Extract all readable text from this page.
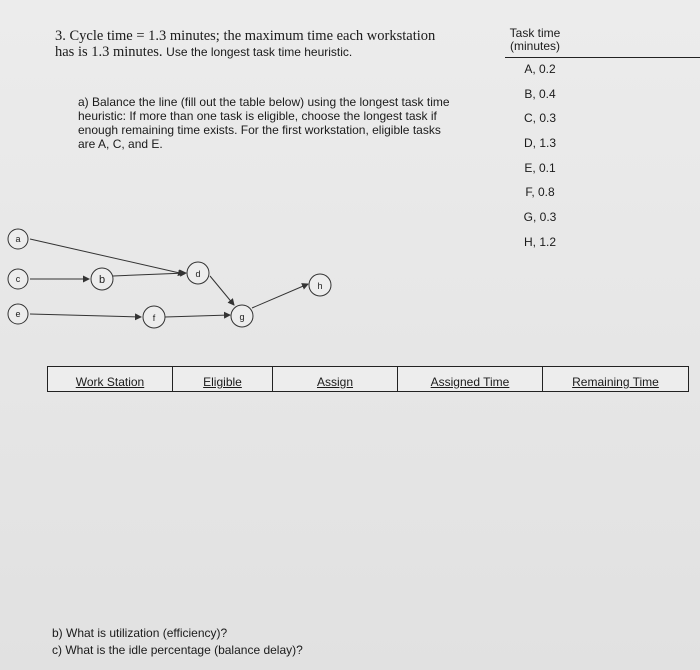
3. Cycle time = 1.3 minutes; the maximum time each workstation has is 1.3 minutes. Use the longest task time heuristic.
a) Balance the line (fill out the table below) using the longest task time heuristic: If more than one task is eligible, choose the longest task if enough remaining time exists. For the first workstation, eligible tasks are A, C, and E.
Task time
(minutes)
A, 0.2
B, 0.4
C, 0.3
D, 1.3
E, 0.1
F, 0.8
G, 0.3
H, 1.2
a
c	b	d
h
e	f	g
Work Station	Eligible	Assign	Assigned Time	Remaining Time
b) What is utilization (efficiency)?
c) What is the idle percentage (balance delay)?
